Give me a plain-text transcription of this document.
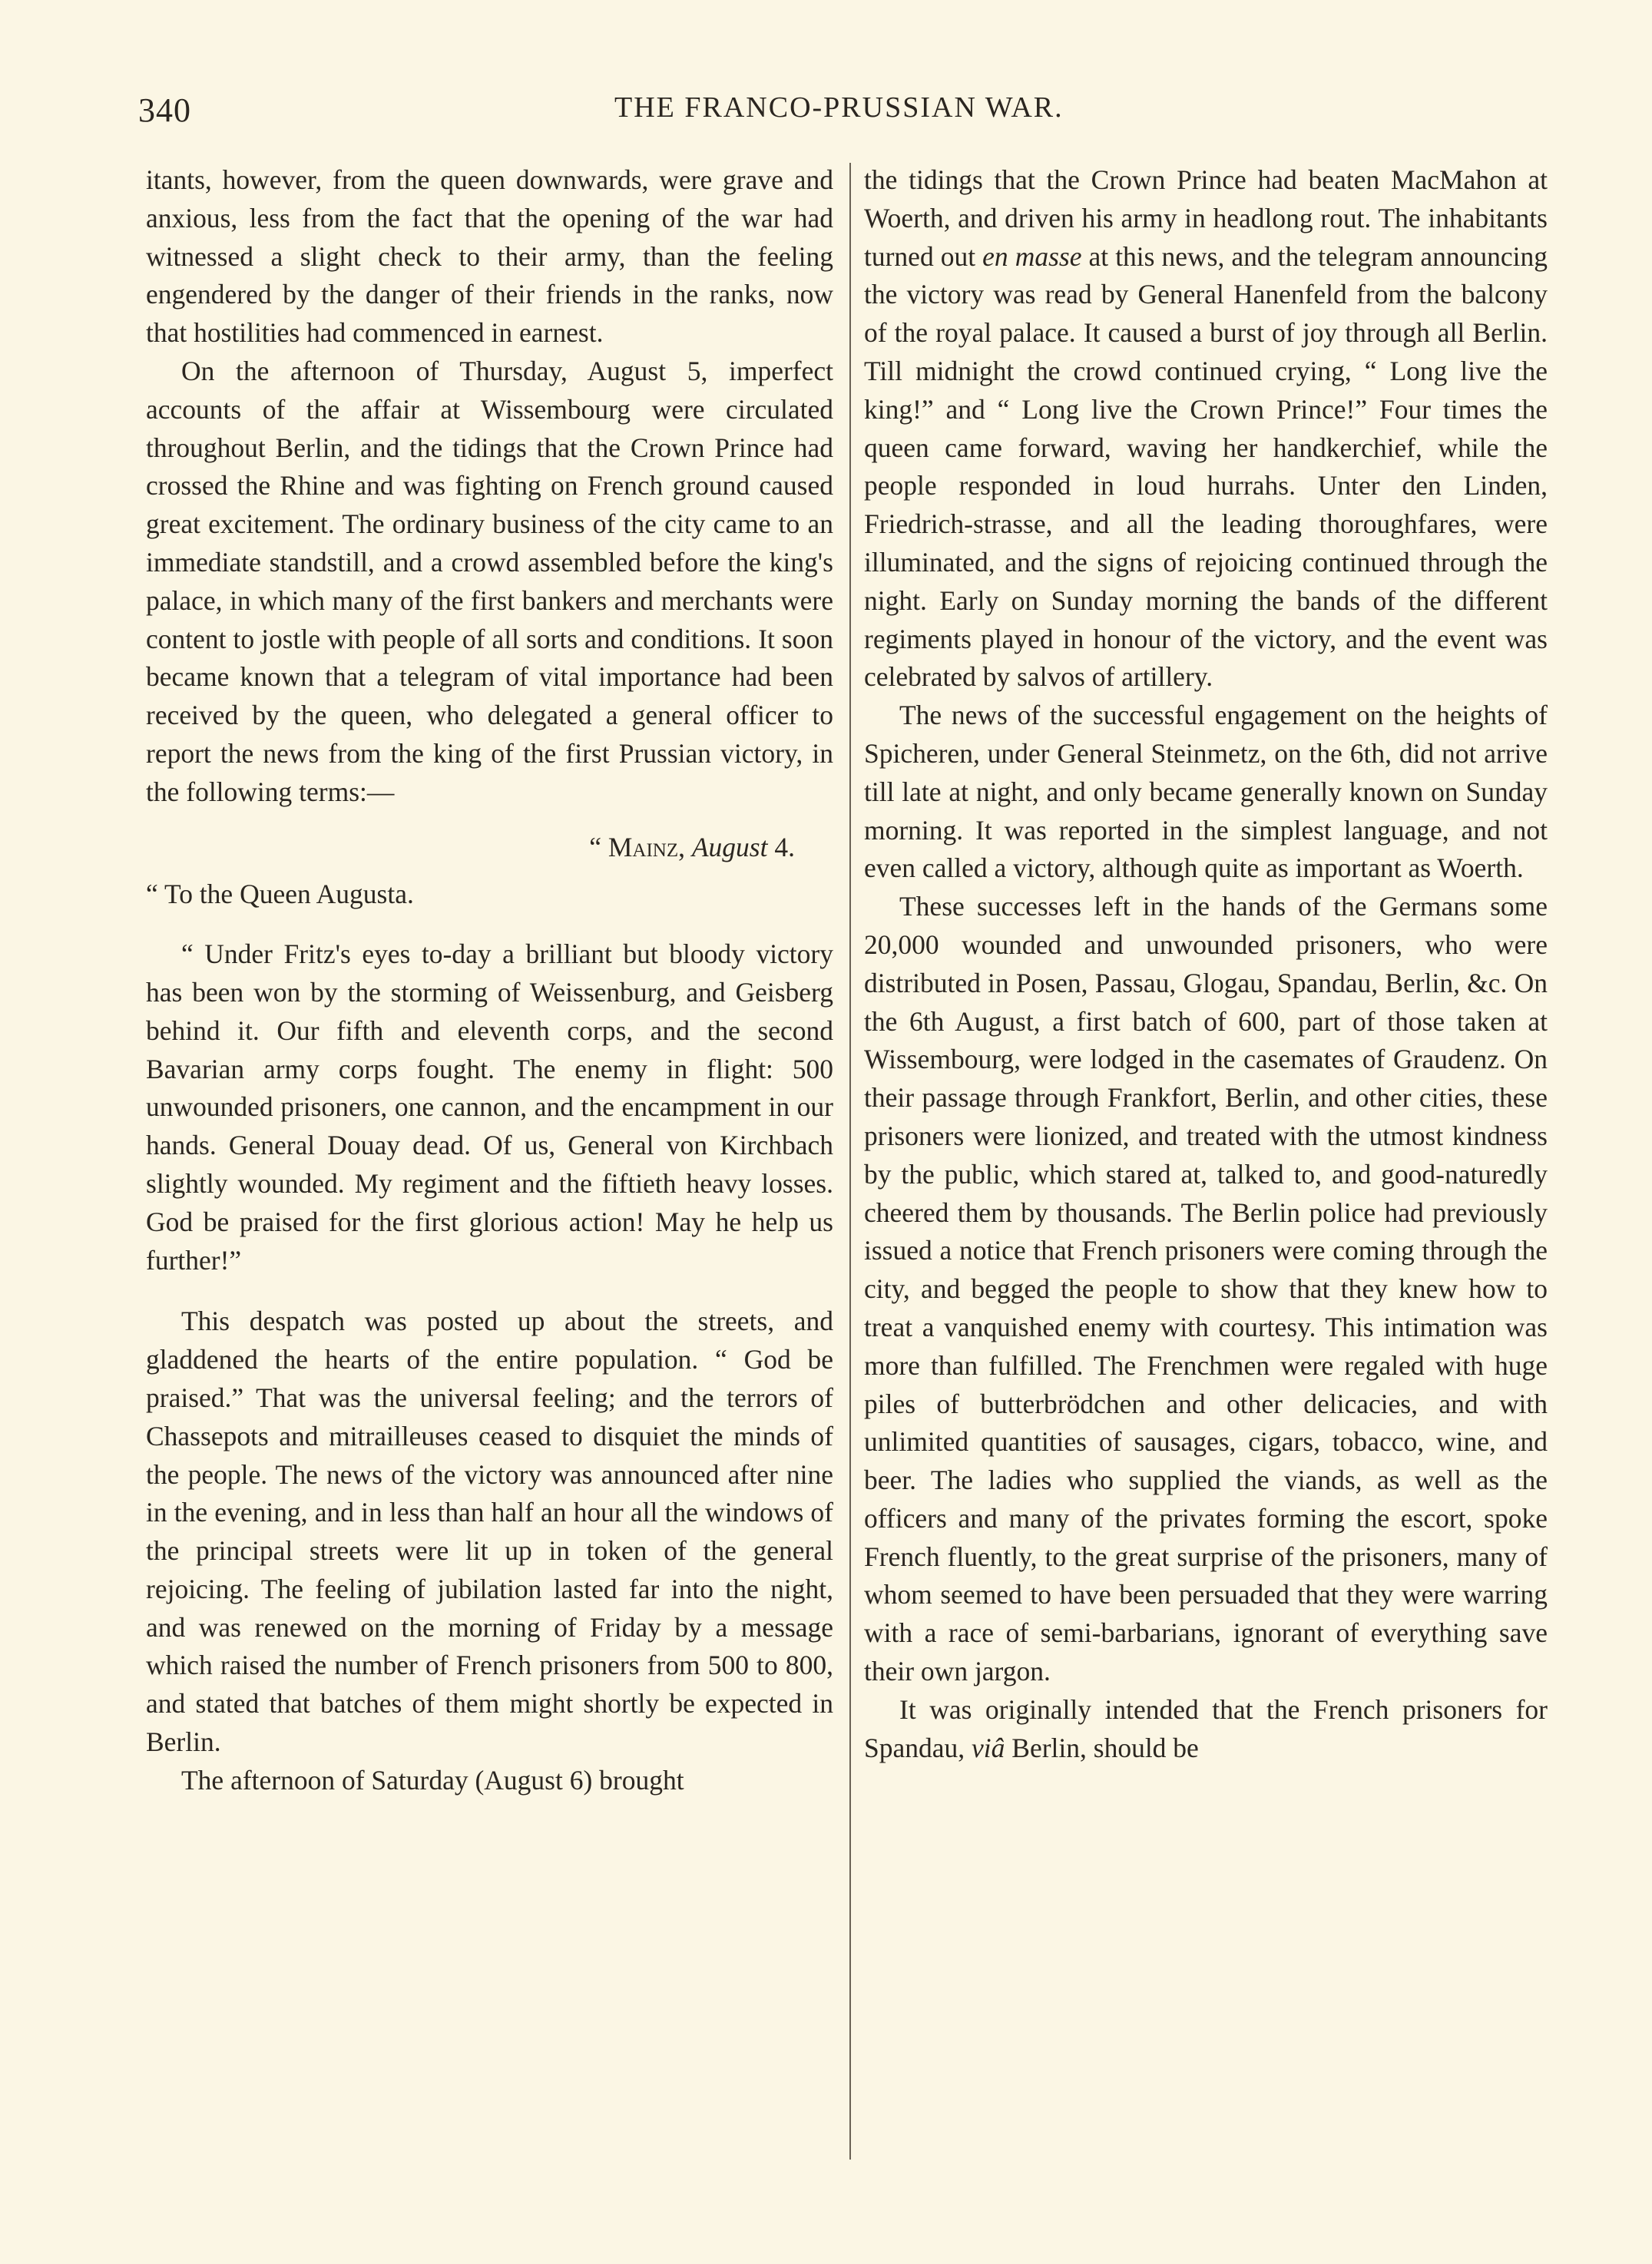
340	THE FRANCO-PRUSSIAN WAR.

itants, however, from the queen downwards, were grave and anxious, less from the fact that the opening of the war had witnessed a slight check to their army, than the feeling engendered by the danger of their friends in the ranks, now that hostilities had commenced in earnest.

On the afternoon of Thursday, August 5, imperfect accounts of the affair at Wissembourg were circulated throughout Berlin, and the tidings that the Crown Prince had crossed the Rhine and was fighting on French ground caused great excitement. The ordinary business of the city came to an immediate standstill, and a crowd assembled before the king's palace, in which many of the first bankers and merchants were content to jostle with people of all sorts and conditions. It soon became known that a telegram of vital importance had been received by the queen, who delegated a general officer to report the news from the king of the first Prussian victory, in the following terms:—

“ Mainz, August 4.

“ To the Queen Augusta.

“ Under Fritz's eyes to-day a brilliant but bloody victory has been won by the storming of Weissenburg, and Geisberg behind it. Our fifth and eleventh corps, and the second Bavarian army corps fought. The enemy in flight: 500 unwounded prisoners, one cannon, and the encampment in our hands. General Douay dead. Of us, General von Kirchbach slightly wounded. My regiment and the fiftieth heavy losses. God be praised for the first glorious action! May he help us further!”

This despatch was posted up about the streets, and gladdened the hearts of the entire population. “ God be praised.” That was the universal feeling; and the terrors of Chassepots and mitrailleuses ceased to disquiet the minds of the people. The news of the victory was announced after nine in the evening, and in less than half an hour all the windows of the principal streets were lit up in token of the general rejoicing. The feeling of jubilation lasted far into the night, and was renewed on the morning of Friday by a message which raised the number of French prisoners from 500 to 800, and stated that batches of them might shortly be expected in Berlin.

The afternoon of Saturday (August 6) brought

the tidings that the Crown Prince had beaten MacMahon at Woerth, and driven his army in headlong rout. The inhabitants turned out en masse at this news, and the telegram announcing the victory was read by General Hanenfeld from the balcony of the royal palace. It caused a burst of joy through all Berlin. Till midnight the crowd continued crying, “ Long live the king!” and “ Long live the Crown Prince!” Four times the queen came forward, waving her handkerchief, while the people responded in loud hurrahs. Unter den Linden, Friedrich-strasse, and all the leading thoroughfares, were illuminated, and the signs of rejoicing continued through the night. Early on Sunday morning the bands of the different regiments played in honour of the victory, and the event was celebrated by salvos of artillery.

The news of the successful engagement on the heights of Spicheren, under General Steinmetz, on the 6th, did not arrive till late at night, and only became generally known on Sunday morning. It was reported in the simplest language, and not even called a victory, although quite as important as Woerth.

These successes left in the hands of the Germans some 20,000 wounded and unwounded prisoners, who were distributed in Posen, Passau, Glogau, Spandau, Berlin, &c. On the 6th August, a first batch of 600, part of those taken at Wissembourg, were lodged in the casemates of Graudenz. On their passage through Frankfort, Berlin, and other cities, these prisoners were lionized, and treated with the utmost kindness by the public, which stared at, talked to, and good-naturedly cheered them by thousands. The Berlin police had previously issued a notice that French prisoners were coming through the city, and begged the people to show that they knew how to treat a vanquished enemy with courtesy. This intimation was more than fulfilled. The Frenchmen were regaled with huge piles of butterbrödchen and other delicacies, and with unlimited quantities of sausages, cigars, tobacco, wine, and beer. The ladies who supplied the viands, as well as the officers and many of the privates forming the escort, spoke French fluently, to the great surprise of the prisoners, many of whom seemed to have been persuaded that they were warring with a race of semi-barbarians, ignorant of everything save their own jargon.

It was originally intended that the French prisoners for Spandau, viâ Berlin, should be
